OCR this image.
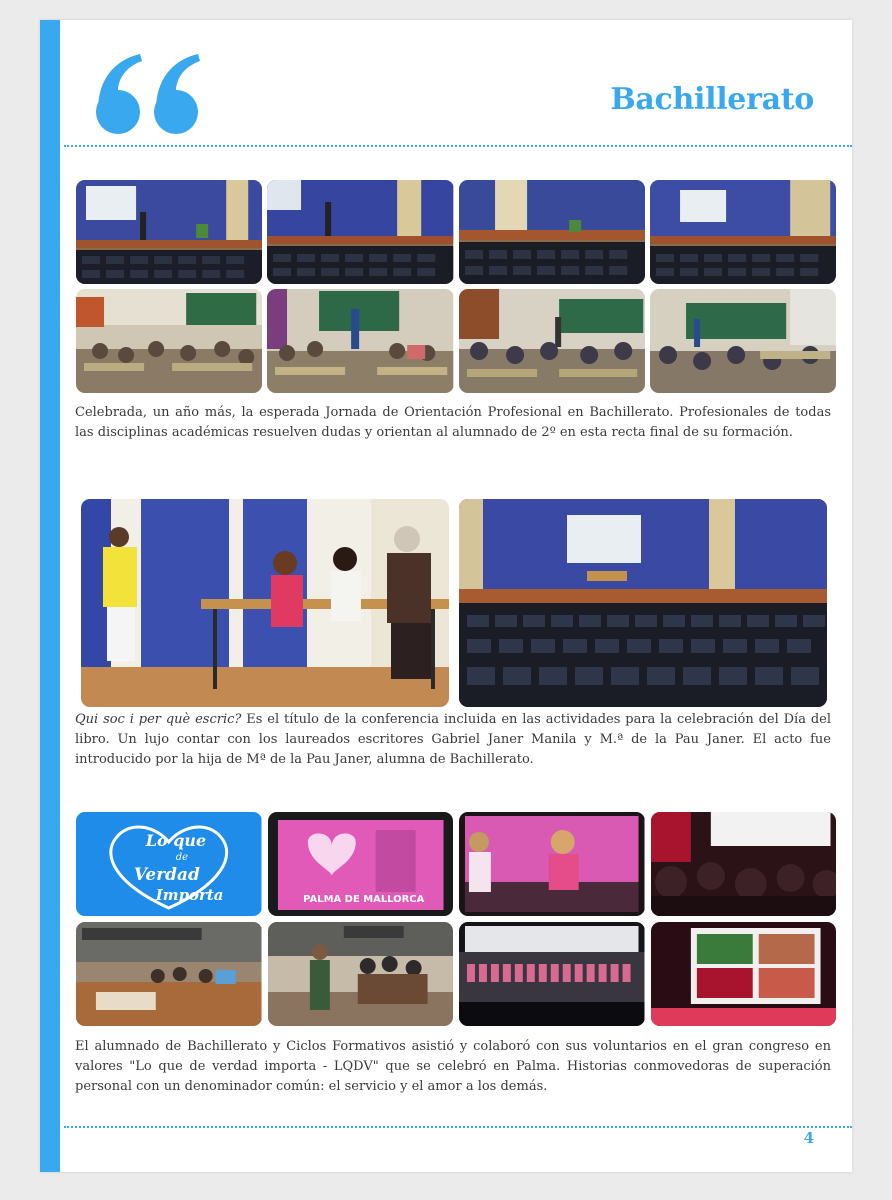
Bachillerato

Celebrada, un año más, la esperada Jornada de Orientación Profesional en Bachillerato. Profesionales de todas las disciplinas académicas resuelven dudas y orientan al alumnado de 2º en esta recta final de su formación.

Qui soc i per què escric? Es el título de la conferencia incluida en las actividades para la celebración del Día del libro. Un lujo contar con los laureados escritores Gabriel Janer Manila y M.ª de la Pau Janer. El acto fue introducido por la hija de Mª de la Pau Janer, alumna de Bachillerato.

Lo que
de
Verdad
Importa	PALMA DE MALLORCA

El alumnado de Bachillerato y Ciclos Formativos asistió y colaboró con sus voluntarios en el gran congreso en valores "Lo que de verdad importa - LQDV" que se celebró en Palma. Historias conmovedoras de superación personal con un denominador común: el servicio y el amor a los demás.

4
